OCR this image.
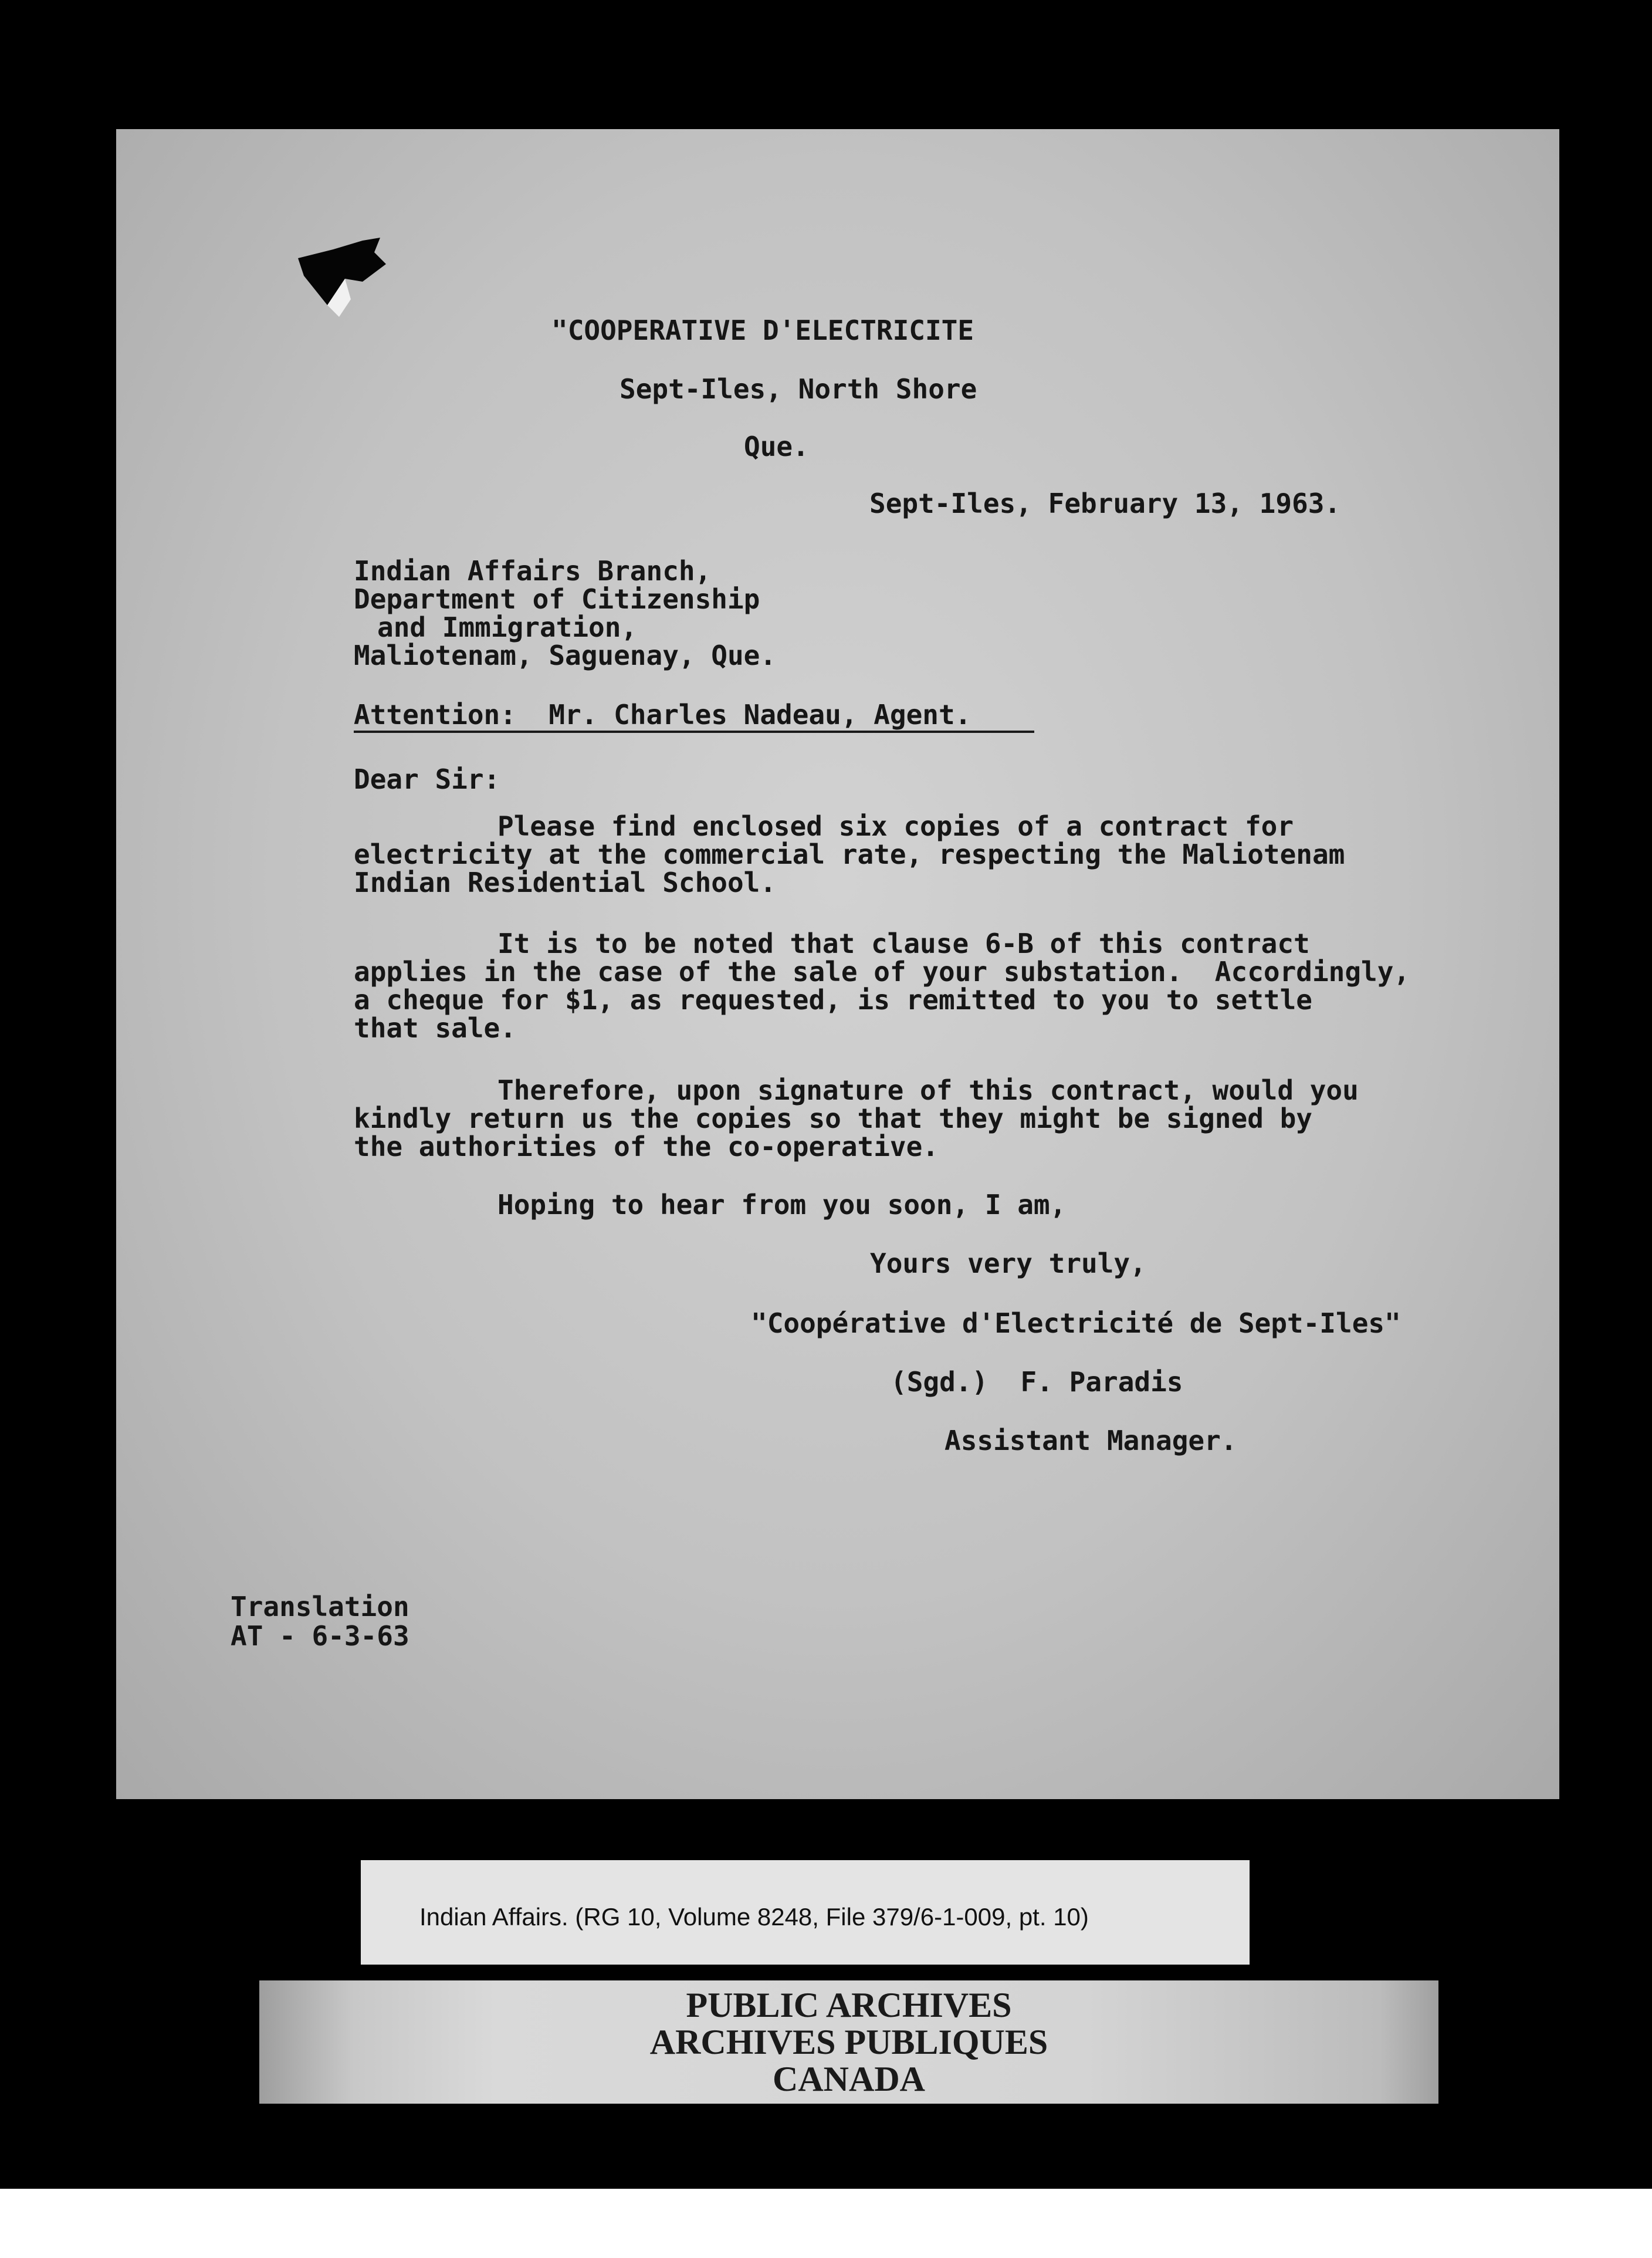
"COOPERATIVE D'ELECTRICITE

Sept-Iles, North Shore

Que.

Sept-Iles, February 13, 1963.

Indian Affairs Branch,

Department of Citizenship

and Immigration,

Maliotenam, Saguenay, Que.

Attention:  Mr. Charles Nadeau, Agent.

Dear Sir:

Please find enclosed six copies of a contract for

electricity at the commercial rate, respecting the Maliotenam

Indian Residential School.

It is to be noted that clause 6-B of this contract

applies in the case of the sale of your substation.  Accordingly,

a cheque for $1, as requested, is remitted to you to settle

that sale.

Therefore, upon signature of this contract, would you

kindly return us the copies so that they might be signed by

the authorities of the co-operative.

Hoping to hear from you soon, I am,

Yours very truly,

"Coopérative d'Electricité de Sept-Iles"

(Sgd.)  F. Paradis

Assistant Manager.

Translation

AT - 6-3-63

Indian Affairs. (RG 10, Volume 8248, File 379/6-1-009, pt. 10)
PUBLIC ARCHIVES
ARCHIVES PUBLIQUES
CANADA
